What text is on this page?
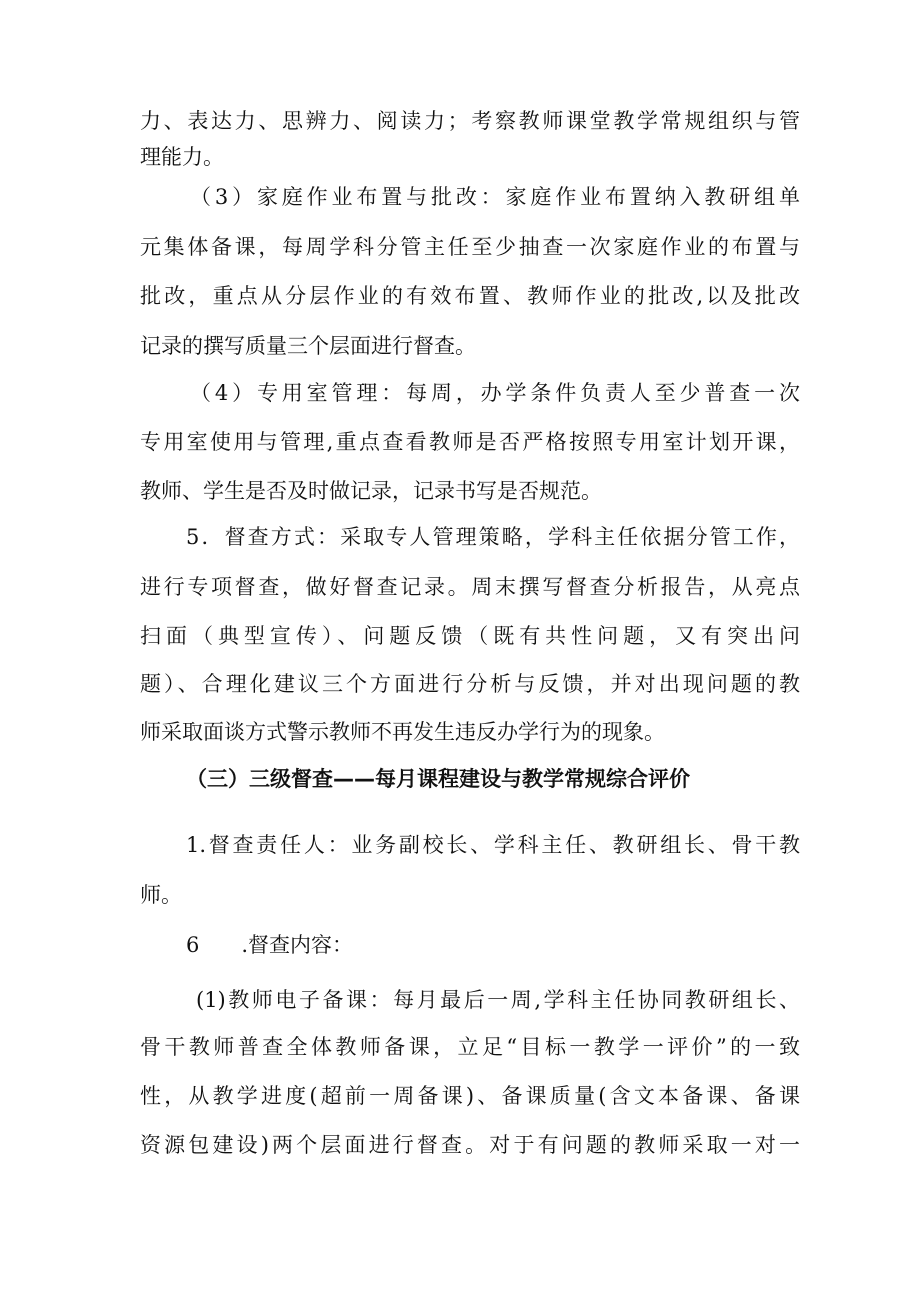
力、表达力、思辨力、阅读力；考察教师课堂教学常规组织与管
理能力。
（3）家庭作业布置与批改：家庭作业布置纳入教研组单
元集体备课，每周学科分管主任至少抽查一次家庭作业的布置与
批改，重点从分层作业的有效布置、教师作业的批改,以及批改
记录的撰写质量三个层面进行督查。
（4）专用室管理：每周，办学条件负责人至少普查一次
专用室使用与管理,重点查看教师是否严格按照专用室计划开课，
教师、学生是否及时做记录，记录书写是否规范。
5．督查方式：采取专人管理策略，学科主任依据分管工作，
进行专项督查，做好督查记录。周末撰写督查分析报告，从亮点
扫面（典型宣传）、问题反馈（既有共性问题，又有突出问
题）、合理化建议三个方面进行分析与反馈，并对出现问题的教
师采取面谈方式警示教师不再发生违反办学行为的现象。
（三）三级督查——每月课程建设与教学常规综合评价
1.督查责任人：业务副校长、学科主任、教研组长、骨干教
师。
6　　.督查内容：
(1)教师电子备课：每月最后一周,学科主任协同教研组长、
骨干教师普查全体教师备课，立足“目标一教学一评价”的一致
性，从教学进度(超前一周备课)、备课质量(含文本备课、备课
资源包建设)两个层面进行督查。对于有问题的教师采取一对一
